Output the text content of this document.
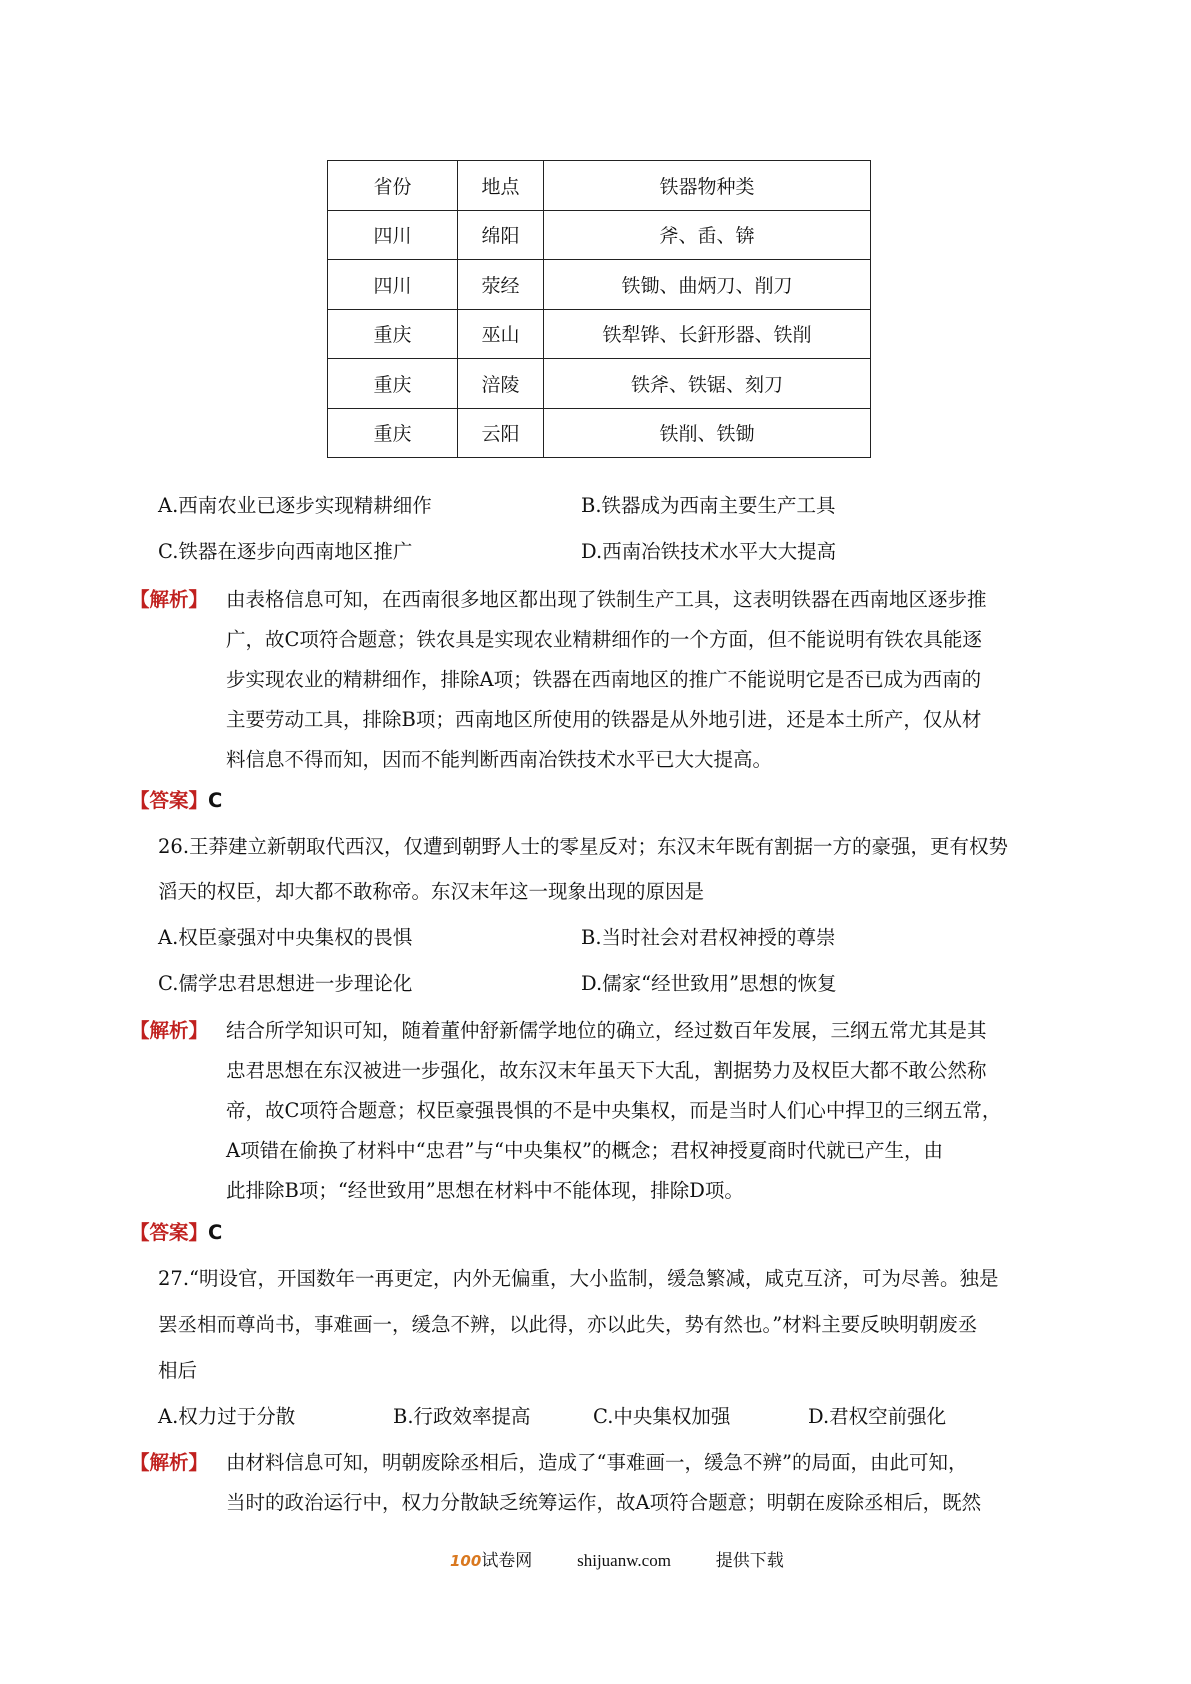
省份	地点	铁器物种类
四川	绵阳	斧、臿、锛
四川	荥经	铁锄、曲炳刀、削刀
重庆	巫山	铁犁铧、长釬形器、铁削
重庆	涪陵	铁斧、铁锯、刻刀
重庆	云阳	铁削、铁锄
A.西南农业已逐步实现精耕细作	B.铁器成为西南主要生产工具
C.铁器在逐步向西南地区推广	D.西南冶铁技术水平大大提高
【解析】 由表格信息可知，在西南很多地区都出现了铁制生产工具，这表明铁器在西南地区逐步推
广，故C项符合题意；铁农具是实现农业精耕细作的一个方面，但不能说明有铁农具能逐
步实现农业的精耕细作，排除A项；铁器在西南地区的推广不能说明它是否已成为西南的
主要劳动工具，排除B项；西南地区所使用的铁器是从外地引进，还是本土所产，仅从材
料信息不得而知，因而不能判断西南冶铁技术水平已大大提高。
【答案】C
26.王莽建立新朝取代西汉，仅遭到朝野人士的零星反对；东汉末年既有割据一方的豪强，更有权势
滔天的权臣，却大都不敢称帝。东汉末年这一现象出现的原因是
A.权臣豪强对中央集权的畏惧	B.当时社会对君权神授的尊崇
C.儒学忠君思想进一步理论化	D.儒家“经世致用”思想的恢复
【解析】 结合所学知识可知，随着董仲舒新儒学地位的确立，经过数百年发展，三纲五常尤其是其
忠君思想在东汉被进一步强化，故东汉末年虽天下大乱，割据势力及权臣大都不敢公然称
帝，故C项符合题意；权臣豪强畏惧的不是中央集权，而是当时人们心中捍卫的三纲五常，
A项错在偷换了材料中“忠君”与“中央集权”的概念；君权神授夏商时代就已产生，由
此排除B项；“经世致用”思想在材料中不能体现，排除D项。
【答案】C
27.“明设官，开国数年一再更定，内外无偏重，大小监制，缓急繁减，咸克互济，可为尽善。独是
罢丞相而尊尚书，事难画一，缓急不辨，以此得，亦以此失，势有然也。”材料主要反映明朝废丞
相后
A.权力过于分散	B.行政效率提高	C.中央集权加强	D.君权空前强化
【解析】 由材料信息可知，明朝废除丞相后，造成了“事难画一，缓急不辨”的局面，由此可知，
当时的政治运行中，权力分散缺乏统筹运作，故A项符合题意；明朝在废除丞相后，既然
100试卷网	shijuanw.com	提供下载
